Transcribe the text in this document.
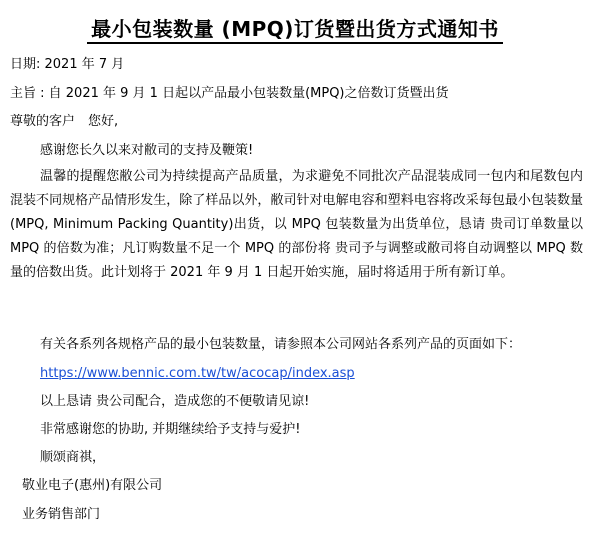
最小包装数量 (MPQ)订货暨出货方式通知书
日期: 2021 年 7 月
主旨 : 自 2021 年 9 月 1 日起以产品最小包装数量(MPQ)之倍数订货暨出货
尊敬的客户　您好,
感谢您长久以来对敝司的支持及鞭策!
温馨的提醒您敝公司为持续提高产品质量，为求避免不同批次产品混装成同一包内和尾数包内混装不同规格产品情形发生，除了样品以外，敝司针对电解电容和塑料电容将改采每包最小包装数量(MPQ, Minimum Packing Quantity)出货，以 MPQ 包装数量为出货单位，恳请 贵司订单数量以 MPQ 的倍数为准；凡订购数量不足一个 MPQ 的部份将 贵司予与调整或敝司将自动调整以 MPQ 数量的倍数出货。此计划将于 2021 年 9 月 1 日起开始实施，届时将适用于所有新订单。
有关各系列各规格产品的最小包装数量，请参照本公司网站各系列产品的页面如下：
https://www.bennic.com.tw/tw/acocap/index.asp
以上恳请 贵公司配合，造成您的不便敬请见谅!
非常感谢您的协助, 并期继续给予支持与爱护!
顺颂商祺，
敬业电子(惠州)有限公司
业务销售部门
